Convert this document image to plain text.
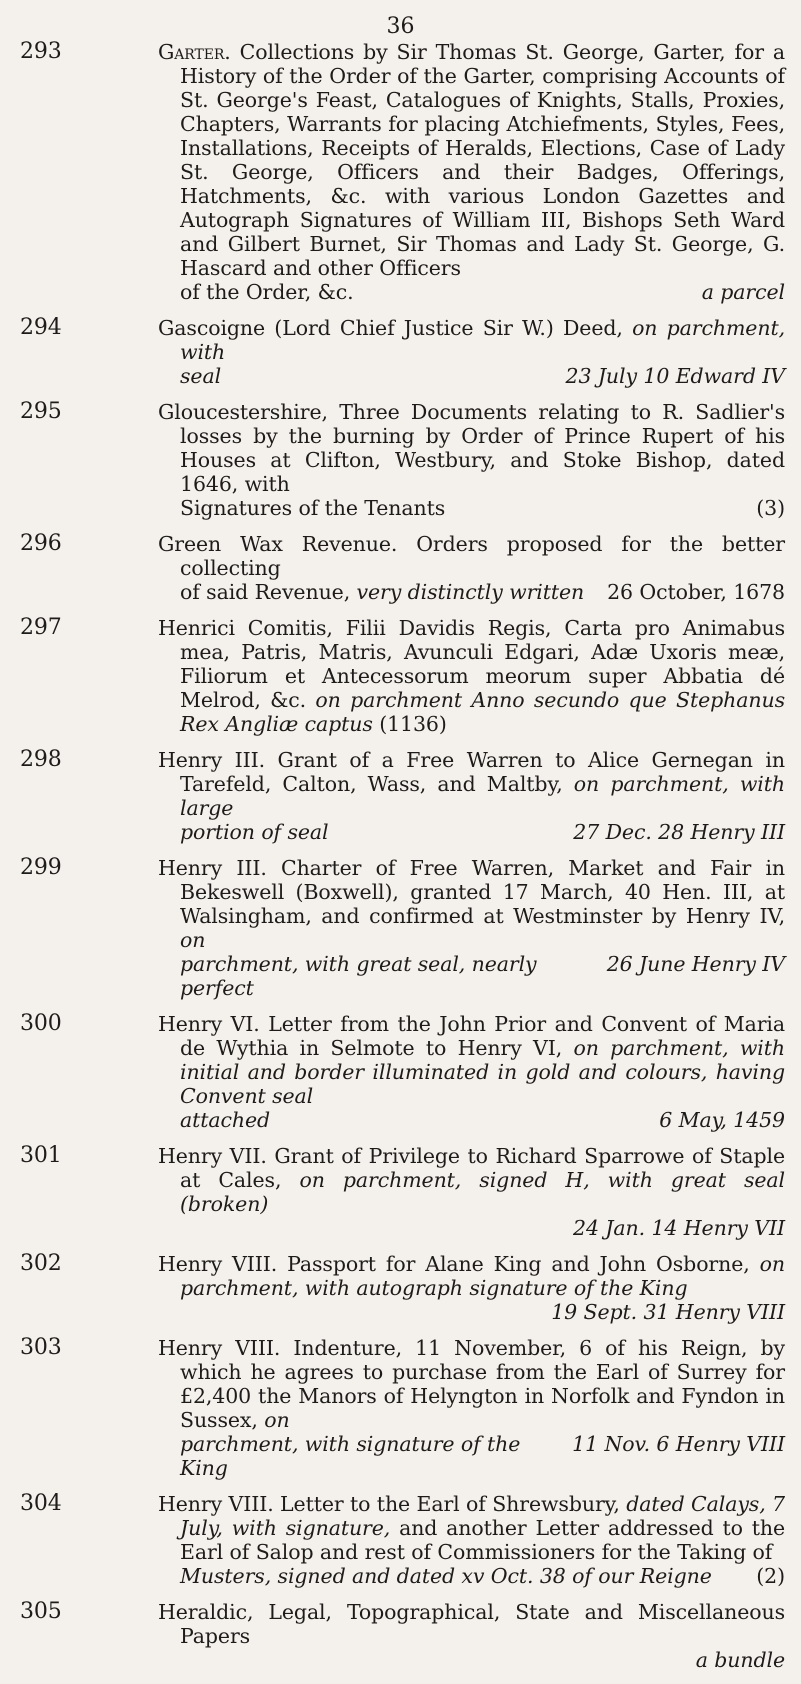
36
293	Garter. Collections by Sir Thomas St. George, Garter, for a History of the Order of the Garter, comprising Accounts of St. George's Feast, Catalogues of Knights, Stalls, Proxies, Chapters, Warrants for placing Atchiefments, Styles, Fees, Installations, Receipts of Heralds, Elections, Case of Lady St. George, Officers and their Badges, Offerings, Hatchments, &c. with various London Gazettes and Autograph Signatures of William III, Bishops Seth Ward and Gilbert Burnet, Sir Thomas and Lady St. George, G. Hascard and other Officers
of the Order, &c.	a parcel
294	Gascoigne (Lord Chief Justice Sir W.) Deed, on parchment, with
seal	23 July 10 Edward IV
295	Gloucestershire, Three Documents relating to R. Sadlier's losses by the burning by Order of Prince Rupert of his Houses at Clifton, Westbury, and Stoke Bishop, dated 1646, with
Signatures of the Tenants	(3)
296	Green Wax Revenue. Orders proposed for the better collecting
of said Revenue, very distinctly written	26 October, 1678
297	Henrici Comitis, Filii Davidis Regis, Carta pro Animabus mea, Patris, Matris, Avunculi Edgari, Adæ Uxoris meæ, Filiorum et Antecessorum meorum super Abbatia dé Melrod, &c. on parchment Anno secundo que Stephanus Rex Angliæ captus (1136)
298	Henry III. Grant of a Free Warren to Alice Gernegan in Tarefeld, Calton, Wass, and Maltby, on parchment, with large
portion of seal	27 Dec. 28 Henry III
299	Henry III. Charter of Free Warren, Market and Fair in Bekeswell (Boxwell), granted 17 March, 40 Hen. III, at Walsingham, and confirmed at Westminster by Henry IV, on
parchment, with great seal, nearly perfect
26 June Henry IV
300	Henry VI. Letter from the John Prior and Convent of Maria de Wythia in Selmote to Henry VI, on parchment, with initial and border illuminated in gold and colours, having Convent seal
attached	6 May, 1459
301	Henry VII. Grant of Privilege to Richard Sparrowe of Staple at Cales, on parchment, signed H, with great seal (broken)
24 Jan. 14 Henry VII
302	Henry VIII. Passport for Alane King and John Osborne, on parchment, with autograph signature of the King
19 Sept. 31 Henry VIII
303	Henry VIII. Indenture, 11 November, 6 of his Reign, by which he agrees to purchase from the Earl of Surrey for £2,400 the Manors of Helyngton in Norfolk and Fyndon in Sussex, on
parchment, with signature of the King
11 Nov. 6 Henry VIII
304	Henry VIII. Letter to the Earl of Shrewsbury, dated Calays, 7 July, with signature, and another Letter addressed to the Earl of Salop and rest of Commissioners for the Taking of
Musters, signed and dated xv Oct. 38 of our Reigne	(2)
305	Heraldic, Legal, Topographical, State and Miscellaneous Papers
a bundle
